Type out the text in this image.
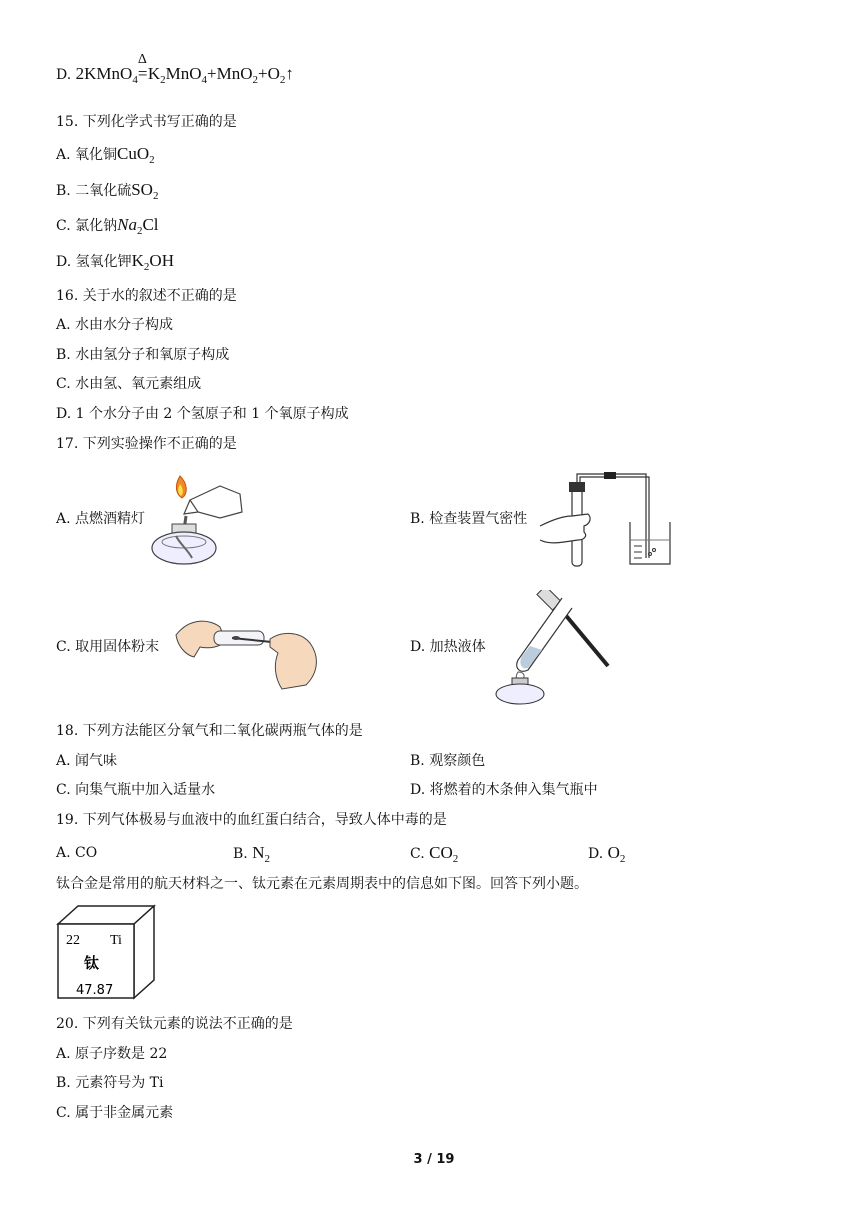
D. 2KMnO$_4$
Δ
$=K_2MnO_4+MnO_2+O_2↑$
15. 下列化学式书写正确的是
A. 氧化铜CuO$_2$
B. 二氧化硫$SO_2$
C. 氯化钠$Na_2Cl$
D. 氢氧化钾$K_2OH$
16. 关于水的叙述不正确的是
A. 水由水分子构成
B. 水由氢分子和氧原子构成
C. 水由氢、氧元素组成
D. 1 个水分子由 2 个氢原子和 1 个氧原子构成
17. 下列实验操作不正确的是
A. 点燃酒精灯	B. 检查装置气密性
C. 取用固体粉末	D. 加热液体
18. 下列方法能区分氧气和二氧化碳两瓶气体的是
A. 闻气味	B. 观察颜色
C. 向集气瓶中加入适量水	D. 将燃着的木条伸入集气瓶中
19. 下列气体极易与血液中的血红蛋白结合，导致人体中毒的是
A. CO	B. $N_2$	C. $CO_2$	D. $O_2$
钛合金是常用的航天材料之一、钛元素在元素周期表中的信息如下图。回答下列小题。
22 Ti
钛
47.87
20. 下列有关钛元素的说法不正确的是
A. 原子序数是 22
B. 元素符号为 Ti
C. 属于非金属元素
3 / 19
